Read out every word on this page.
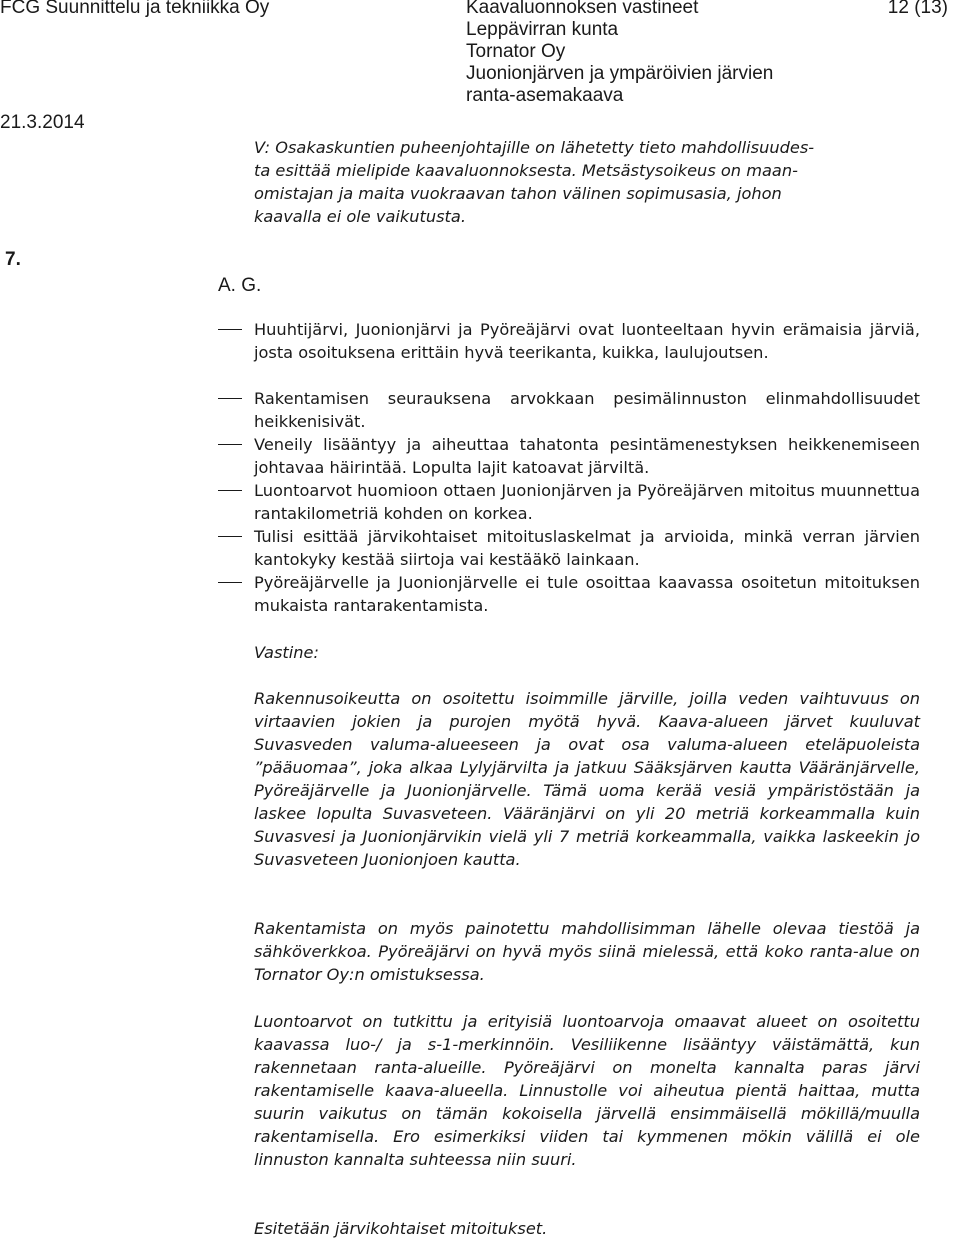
FCG Suunnittelu ja tekniikka Oy	Kaavaluonnoksen vastineet
Leppävirran kunta
Tornator Oy
Juonionjärven ja ympäröivien järvien
ranta-asemakaava
12 (13)
21.3.2014
V: Osakaskuntien puheenjohtajille on lähetetty tieto mahdollisuudes-
ta esittää mielipide kaavaluonnoksesta. Metsästysoikeus on maan-
omistajan ja maita vuokraavan tahon välinen sopimusasia, johon
kaavalla ei ole vaikutusta.
7.
A. G.
Huuhtijärvi, Juonionjärvi ja Pyöreäjärvi ovat luonteeltaan hyvin erämaisia järviä, josta osoituksena erittäin hyvä teerikanta, kuikka, laulujoutsen.
Rakentamisen seurauksena arvokkaan pesimälinnuston elinmahdollisuudet heikkenisivät.
Veneily lisääntyy ja aiheuttaa tahatonta pesintämenestyksen heikkenemiseen johtavaa häirintää. Lopulta lajit katoavat järviltä.
Luontoarvot huomioon ottaen Juonionjärven ja Pyöreäjärven mitoitus muunnettua rantakilometriä kohden on korkea.
Tulisi esittää järvikohtaiset mitoituslaskelmat ja arvioida, minkä verran järvien kantokyky kestää siirtoja vai kestääkö lainkaan.
Pyöreäjärvelle ja Juonionjärvelle ei tule osoittaa kaavassa osoitetun mitoituksen mukaista rantarakentamista.
Vastine:
Rakennusoikeutta on osoitettu isoimmille järville, joilla veden vaihtuvuus on virtaavien jokien ja purojen myötä hyvä. Kaava-alueen järvet kuuluvat Suvasveden valuma-alueeseen ja ovat osa valuma-alueen eteläpuoleista ”pääuomaa”, joka alkaa Lylyjärvilta ja jatkuu Sääksjärven kautta Vääränjärvelle, Pyöreäjärvelle ja Juonionjärvelle. Tämä uoma kerää vesiä ympäristöstään ja laskee lopulta Suvasveteen. Vääränjärvi on yli 20 metriä korkeammalla kuin Suvasvesi ja Juonionjärvikin vielä yli 7 metriä korkeammalla, vaikka laskeekin jo Suvasveteen Juonionjoen kautta.
Rakentamista on myös painotettu mahdollisimman lähelle olevaa tiestöä ja sähköverkkoa. Pyöreäjärvi on hyvä myös siinä mielessä, että koko ranta-alue on Tornator Oy:n omistuksessa.
Luontoarvot on tutkittu ja erityisiä luontoarvoja omaavat alueet on osoitettu kaavassa luo-/ ja s-1-merkinnöin. Vesiliikenne lisääntyy väistämättä, kun rakennetaan ranta-alueille. Pyöreäjärvi on monelta kannalta paras järvi rakentamiselle kaava-alueella. Linnustolle voi aiheutua pientä haittaa, mutta suurin vaikutus on tämän kokoisella järvellä ensimmäisellä mökillä/muulla rakentamisella. Ero esimerkiksi viiden tai kymmenen mökin välillä ei ole linnuston kannalta suhteessa niin suuri.
Esitetään järvikohtaiset mitoitukset.
